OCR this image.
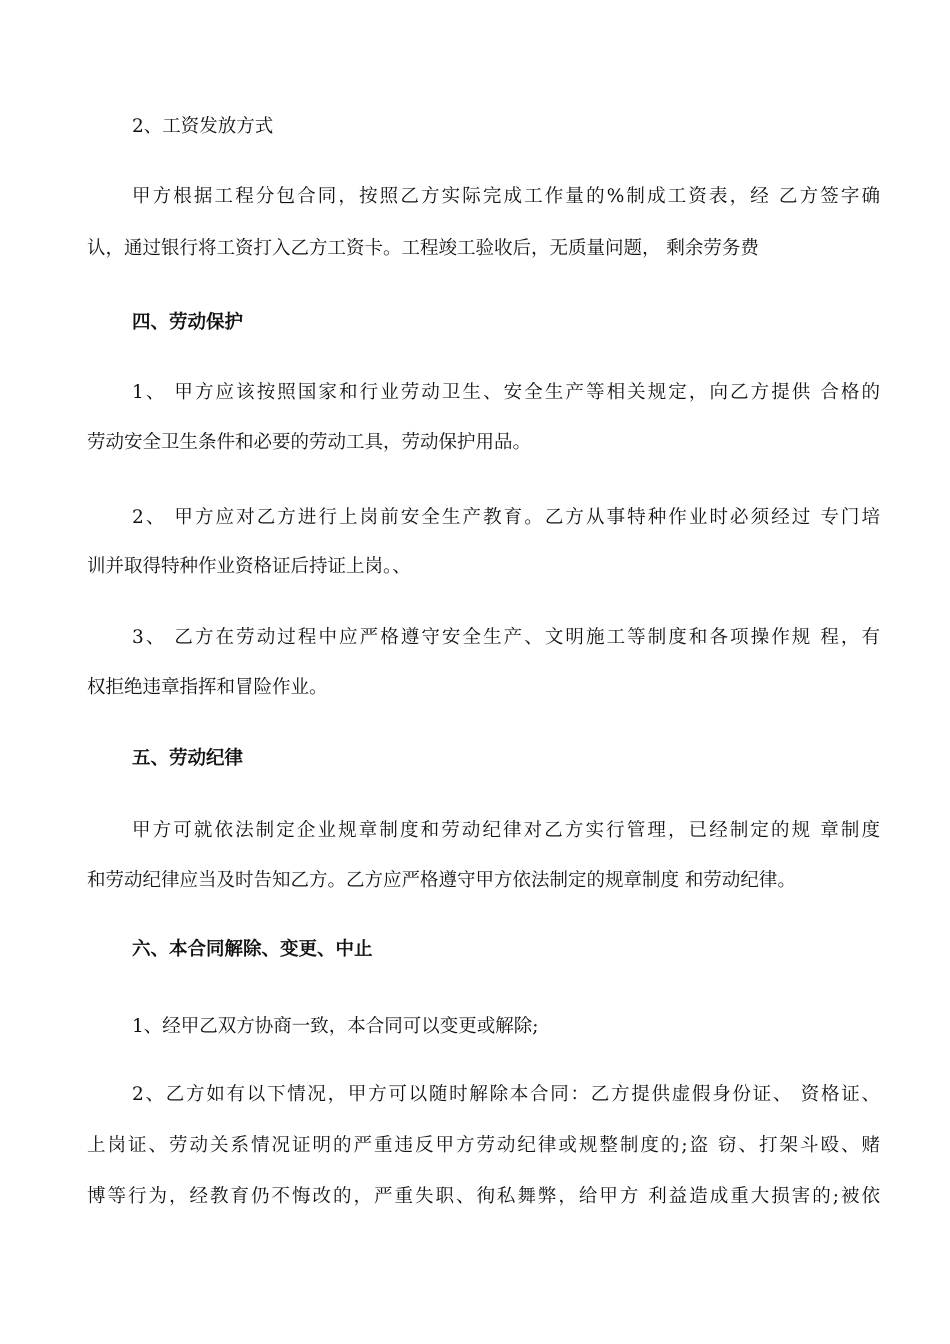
2、工资发放方式
甲方根据工程分包合同，按照乙方实际完成工作量的%制成工资表，经 乙方签字确
认，通过银行将工资打入乙方工资卡。工程竣工验收后，无质量问题， 剩余劳务费
四、劳动保护
1、 甲方应该按照国家和行业劳动卫生、安全生产等相关规定，向乙方提供 合格的
劳动安全卫生条件和必要的劳动工具，劳动保护用品。
2、 甲方应对乙方进行上岗前安全生产教育。乙方从事特种作业时必须经过 专门培
训并取得特种作业资格证后持证上岗。、
3、 乙方在劳动过程中应严格遵守安全生产、文明施工等制度和各项操作规 程，有
权拒绝违章指挥和冒险作业。
五、劳动纪律
甲方可就依法制定企业规章制度和劳动纪律对乙方实行管理，已经制定的规 章制度
和劳动纪律应当及时告知乙方。乙方应严格遵守甲方依法制定的规章制度 和劳动纪律。
六、本合同解除、变更、中止
1、经甲乙双方协商一致，本合同可以变更或解除;
2、乙方如有以下情况，甲方可以随时解除本合同：乙方提供虚假身份证、 资格证、
上岗证、劳动关系情况证明的严重违反甲方劳动纪律或规整制度的;盗 窃、打架斗殴、赌
博等行为，经教育仍不悔改的，严重失职、徇私舞弊，给甲方 利益造成重大损害的;被依
